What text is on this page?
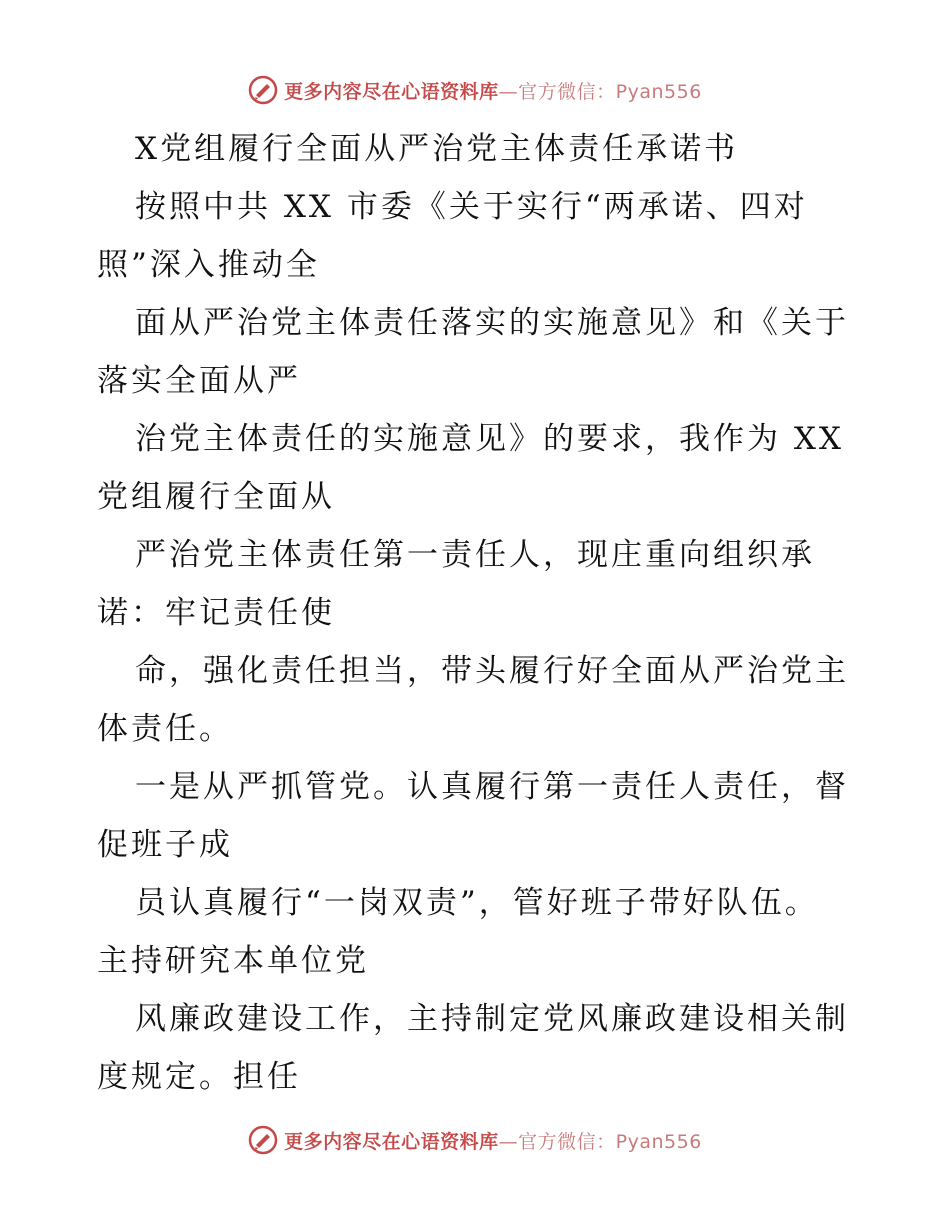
更多内容尽在心语资料库—官方微信：Pyan556
X党组履行全面从严治党主体责任承诺书
按照中共 XX 市委《关于实行“两承诺、四对
照”深入推动全
面从严治党主体责任落实的实施意见》和《关于
落实全面从严
治党主体责任的实施意见》的要求，我作为 XX
党组履行全面从
严治党主体责任第一责任人，现庄重向组织承
诺：牢记责任使
命，强化责任担当，带头履行好全面从严治党主
体责任。
一是从严抓管党。认真履行第一责任人责任，督
促班子成
员认真履行“一岗双责”，管好班子带好队伍。
主持研究本单位党
风廉政建设工作，主持制定党风廉政建设相关制
度规定。担任
更多内容尽在心语资料库—官方微信：Pyan556
